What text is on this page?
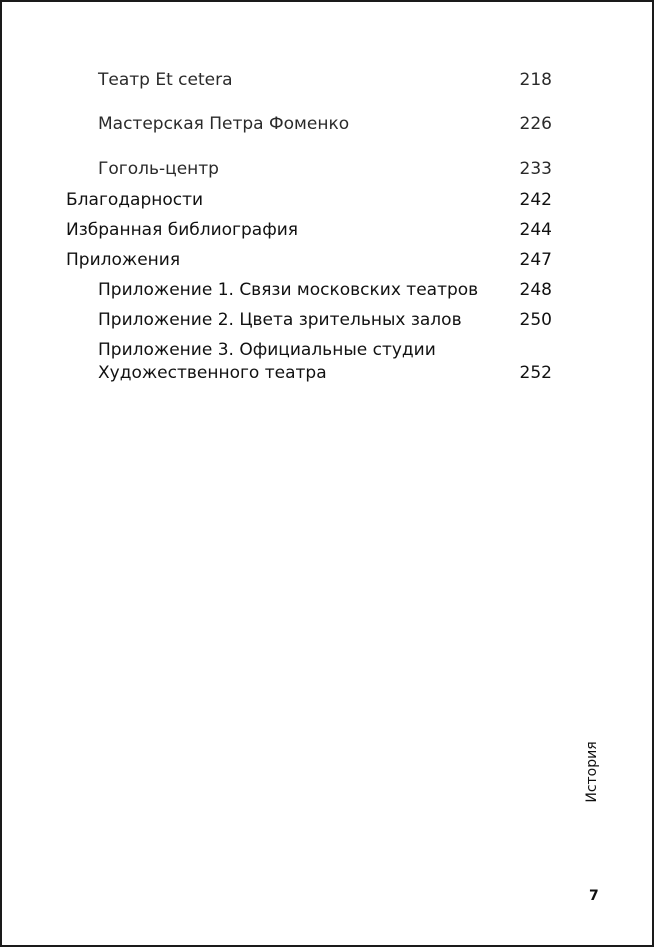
Театр Et cetera	218
Мастерская Петра Фоменко	226
Гоголь-центр	233
Благодарности	242
Избранная библиография	244
Приложения	247
Приложение 1. Связи московских театров 248
Приложение 2. Цвета зрительных залов	250
Приложение 3. Официальные студии
Художественного театра	252
История
7
